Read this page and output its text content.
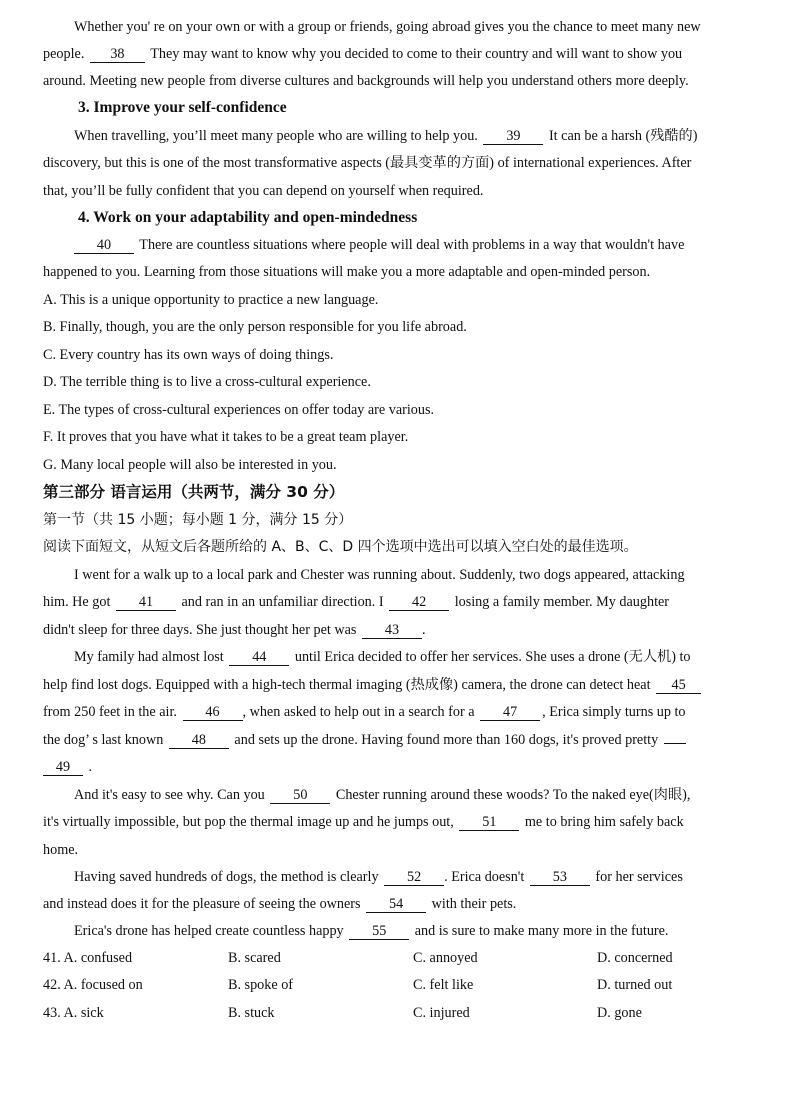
Whether you' re on your own or with a group or friends, going abroad gives you the chance to meet many new
people. 38 They may want to know why you decided to come to their country and will want to show you
around. Meeting new people from diverse cultures and backgrounds will help you understand others more deeply.
3. Improve your self-confidence
When travelling, you’ll meet many people who are willing to help you. 39 It can be a harsh (残酷的)
discovery, but this is one of the most transformative aspects (最具变革的方面) of international experiences. After
that, you’ll be fully confident that you can depend on yourself when required.
4. Work on your adaptability and open-mindedness
40 There are countless situations where people will deal with problems in a way that wouldn't have
happened to you. Learning from those situations will make you a more adaptable and open-minded person.
A. This is a unique opportunity to practice a new language.
B. Finally, though, you are the only person responsible for you life abroad.
C. Every country has its own ways of doing things.
D. The terrible thing is to live a cross-cultural experience.
E. The types of cross-cultural experiences on offer today are various.
F. It proves that you have what it takes to be a great team player.
G. Many local people will also be interested in you.
第三部分 语言运用（共两节，满分 30 分）
第一节（共 15 小题；每小题 1 分，满分 15 分）
阅读下面短文，从短文后各题所给的 A、B、C、D 四个选项中选出可以填入空白处的最佳选项。
I went for a walk up to a local park and Chester was running about. Suddenly, two dogs appeared, attacking
him. He got 41 and ran in an unfamiliar direction. I 42 losing a family member. My daughter
didn't sleep for three days. She just thought her pet was 43 .
My family had almost lost 44 until Erica decided to offer her services. She uses a drone (无人机) to
help find lost dogs. Equipped with a high-tech thermal imaging (热成像) camera, the drone can detect heat 45
from 250 feet in the air. 46 , when asked to help out in a search for a 47 , Erica simply turns up to
the dog’ s last known 48 and sets up the drone. Having found more than 160 dogs, it's proved pretty
49 .
And it's easy to see why. Can you 50 Chester running around these woods? To the naked eye(肉眼),
it's virtually impossible, but pop the thermal image up and he jumps out, 51 me to bring him safely back
home.
Having saved hundreds of dogs, the method is clearly 52 . Erica doesn't 53 for her services
and instead does it for the pleasure of seeing the owners 54 with their pets.
Erica's drone has helped create countless happy 55 and is sure to make many more in the future.
41. A. confused	B. scared	C. annoyed	D. concerned
42. A. focused on	B. spoke of	C. felt like	D. turned out
43. A. sick	B. stuck	C. injured	D. gone
